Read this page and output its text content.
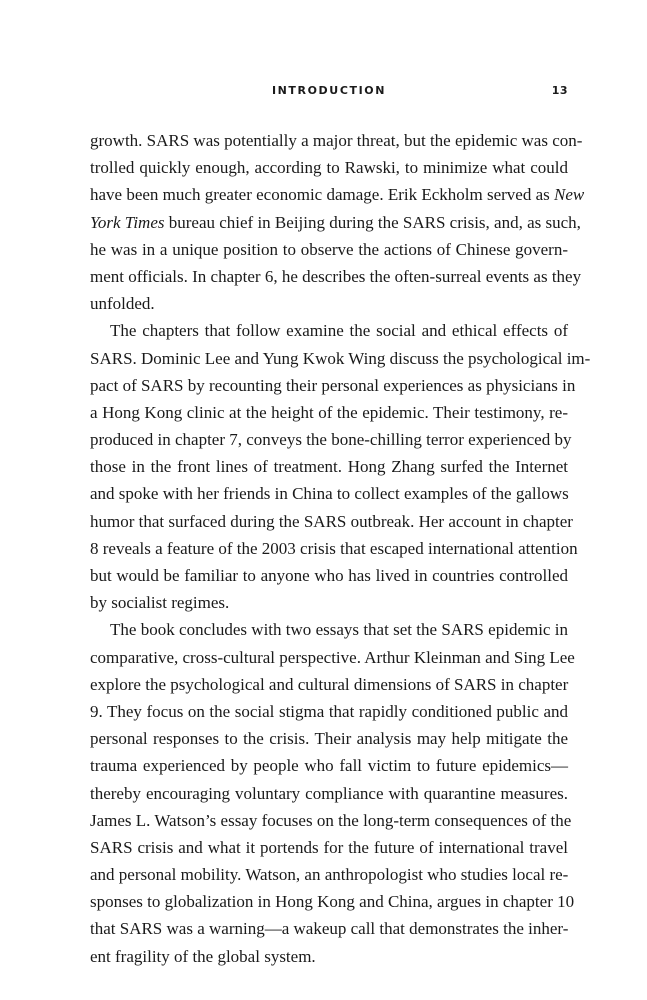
INTRODUCTION	13
growth. SARS was potentially a major threat, but the epidemic was con-
trolled quickly enough, according to Rawski, to minimize what could
have been much greater economic damage. Erik Eckholm served as New
York Times bureau chief in Beijing during the SARS crisis, and, as such,
he was in a unique position to observe the actions of Chinese govern-
ment officials. In chapter 6, he describes the often-surreal events as they
unfolded.
The chapters that follow examine the social and ethical effects of
SARS. Dominic Lee and Yung Kwok Wing discuss the psychological im-
pact of SARS by recounting their personal experiences as physicians in
a Hong Kong clinic at the height of the epidemic. Their testimony, re-
produced in chapter 7, conveys the bone-chilling terror experienced by
those in the front lines of treatment. Hong Zhang surfed the Internet
and spoke with her friends in China to collect examples of the gallows
humor that surfaced during the SARS outbreak. Her account in chapter
8 reveals a feature of the 2003 crisis that escaped international attention
but would be familiar to anyone who has lived in countries controlled
by socialist regimes.
The book concludes with two essays that set the SARS epidemic in
comparative, cross-cultural perspective. Arthur Kleinman and Sing Lee
explore the psychological and cultural dimensions of SARS in chapter
9. They focus on the social stigma that rapidly conditioned public and
personal responses to the crisis. Their analysis may help mitigate the
trauma experienced by people who fall victim to future epidemics—
thereby encouraging voluntary compliance with quarantine measures.
James L. Watson’s essay focuses on the long-term consequences of the
SARS crisis and what it portends for the future of international travel
and personal mobility. Watson, an anthropologist who studies local re-
sponses to globalization in Hong Kong and China, argues in chapter 10
that SARS was a warning—a wakeup call that demonstrates the inher-
ent fragility of the global system.
